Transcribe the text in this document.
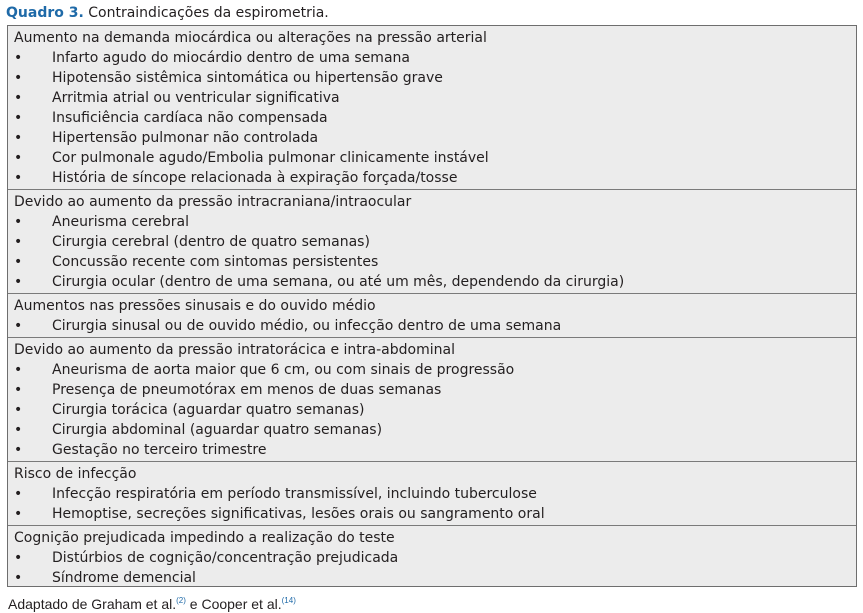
Quadro 3. Contraindicações da espirometria.
Aumento na demanda miocárdica ou alterações na pressão arterial
•	Infarto agudo do miocárdio dentro de uma semana
•	Hipotensão sistêmica sintomática ou hipertensão grave
•	Arritmia atrial ou ventricular significativa
•	Insuficiência cardíaca não compensada
•	Hipertensão pulmonar não controlada
•	Cor pulmonale agudo/Embolia pulmonar clinicamente instável
•	História de síncope relacionada à expiração forçada/tosse
Devido ao aumento da pressão intracraniana/intraocular
•	Aneurisma cerebral
•	Cirurgia cerebral (dentro de quatro semanas)
•	Concussão recente com sintomas persistentes
•	Cirurgia ocular (dentro de uma semana, ou até um mês, dependendo da cirurgia)
Aumentos nas pressões sinusais e do ouvido médio
•	Cirurgia sinusal ou de ouvido médio, ou infecção dentro de uma semana
Devido ao aumento da pressão intratorácica e intra-abdominal
•	Aneurisma de aorta maior que 6 cm, ou com sinais de progressão
•	Presença de pneumotórax em menos de duas semanas
•	Cirurgia torácica (aguardar quatro semanas)
•	Cirurgia abdominal (aguardar quatro semanas)
•	Gestação no terceiro trimestre
Risco de infecção
•	Infecção respiratória em período transmissível, incluindo tuberculose
•	Hemoptise, secreções significativas, lesões orais ou sangramento oral
Cognição prejudicada impedindo a realização do teste
•	Distúrbios de cognição/concentração prejudicada
•	Síndrome demencial
Adaptado de Graham et al.$^{(2)}$ e Cooper et al.$^{(14)}$
